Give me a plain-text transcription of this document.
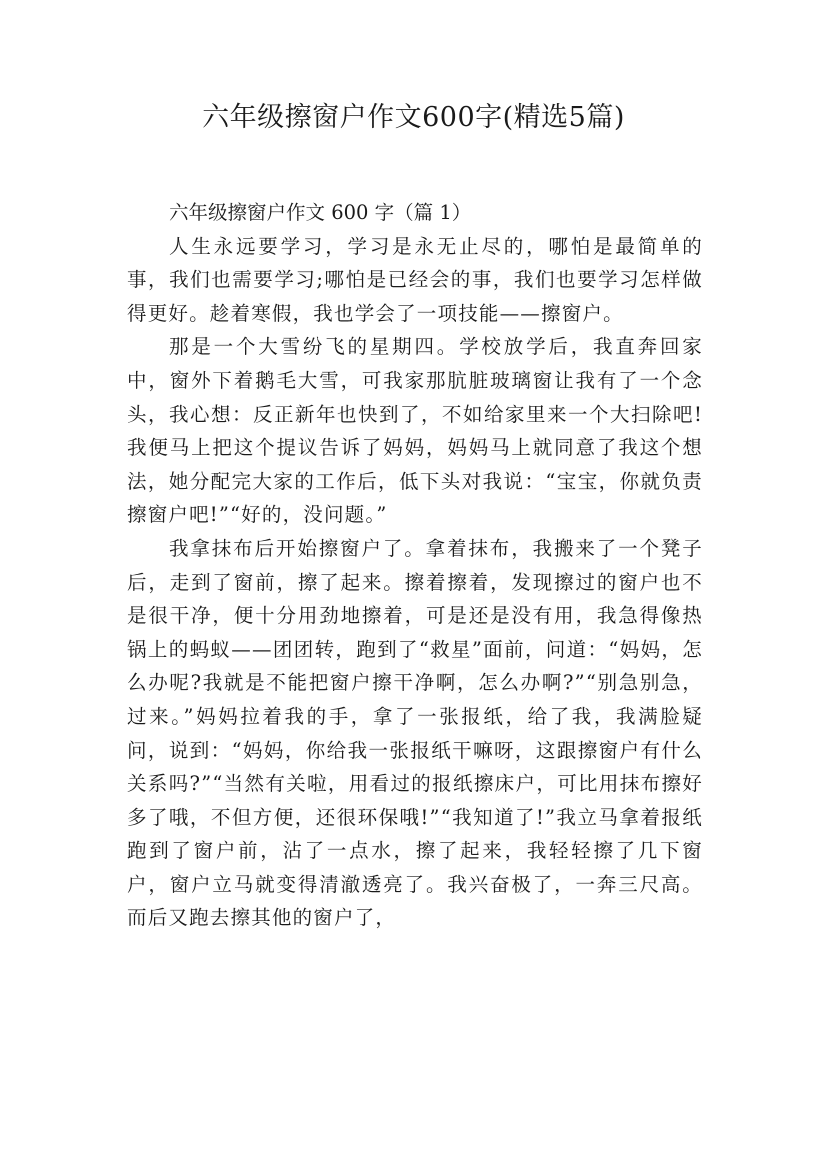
六年级擦窗户作文600字(精选5篇)

六年级擦窗户作文 600 字（篇 1）

人生永远要学习，学习是永无止尽的，哪怕是最简单的事，我们也需要学习;哪怕是已经会的事，我们也要学习怎样做得更好。趁着寒假，我也学会了一项技能——擦窗户。

那是一个大雪纷飞的星期四。学校放学后，我直奔回家中，窗外下着鹅毛大雪，可我家那肮脏玻璃窗让我有了一个念头，我心想：反正新年也快到了，不如给家里来一个大扫除吧!我便马上把这个提议告诉了妈妈，妈妈马上就同意了我这个想法，她分配完大家的工作后，低下头对我说：“宝宝，你就负责擦窗户吧!”“好的，没问题。”

我拿抹布后开始擦窗户了。拿着抹布，我搬来了一个凳子后，走到了窗前，擦了起来。擦着擦着，发现擦过的窗户也不是很干净，便十分用劲地擦着，可是还是没有用，我急得像热锅上的蚂蚁——团团转，跑到了“救星”面前，问道：“妈妈，怎么办呢?我就是不能把窗户擦干净啊，怎么办啊?”“别急别急，过来。”妈妈拉着我的手，拿了一张报纸，给了我，我满脸疑问，说到：“妈妈，你给我一张报纸干嘛呀，这跟擦窗户有什么关系吗?”“当然有关啦，用看过的报纸擦床户，可比用抹布擦好多了哦，不但方便，还很环保哦!”“我知道了!”我立马拿着报纸跑到了窗户前，沾了一点水，擦了起来，我轻轻擦了几下窗户，窗户立马就变得清澈透亮了。我兴奋极了，一奔三尺高。而后又跑去擦其他的窗户了，
